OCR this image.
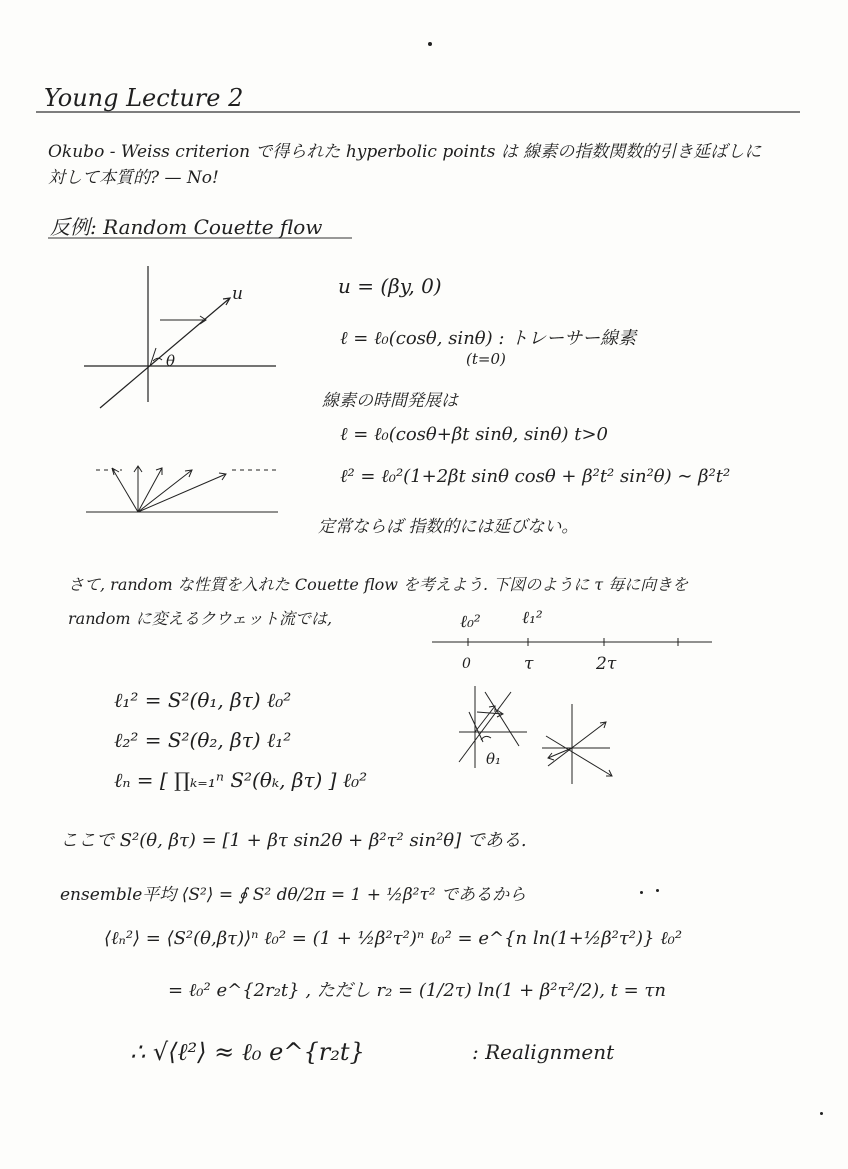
Young Lecture 2
Okubo - Weiss criterion で得られた hyperbolic points は 線素の指数関数的引き延ばしに
対して本質的? — No!
反例: Random Couette flow
u
θ
u = (βy, 0)
ℓ = ℓ₀(cosθ, sinθ) : トレーサー線素
(t=0)
線素の時間発展は
ℓ = ℓ₀(cosθ+βt sinθ, sinθ) t>0
ℓ² = ℓ₀²(1+2βt sinθ cosθ + β²t² sin²θ) ∼ β²t²
定常ならば 指数的には延びない。
さて, random な性質を入れた Couette flow を考えよう. 下図のように τ 毎に向きを
random に変えるクウェット流では,	ℓ₀² ℓ₁²
0	τ	2τ
θ₁
ℓ₁² = S²(θ₁, βτ) ℓ₀²
ℓ₂² = S²(θ₂, βτ) ℓ₁²
ℓₙ = [ ∏ₖ₌₁ⁿ S²(θₖ, βτ) ] ℓ₀²
ここで S²(θ, βτ) = [1 + βτ sin2θ + β²τ² sin²θ] である.
ensemble平均 ⟨S²⟩ = ∮ S² dθ/2π = 1 + ½β²τ² であるから
⟨ℓₙ²⟩ = ⟨S²(θ,βτ)⟩ⁿ ℓ₀² = (1 + ½β²τ²)ⁿ ℓ₀² = e^{n ln(1+½β²τ²)} ℓ₀²
= ℓ₀² e^{2r₂t} , ただし r₂ = (1/2τ) ln(1 + β²τ²/2), t = τn
∴ √⟨ℓ²⟩ ≈ ℓ₀ e^{r₂t}	: Realignment
